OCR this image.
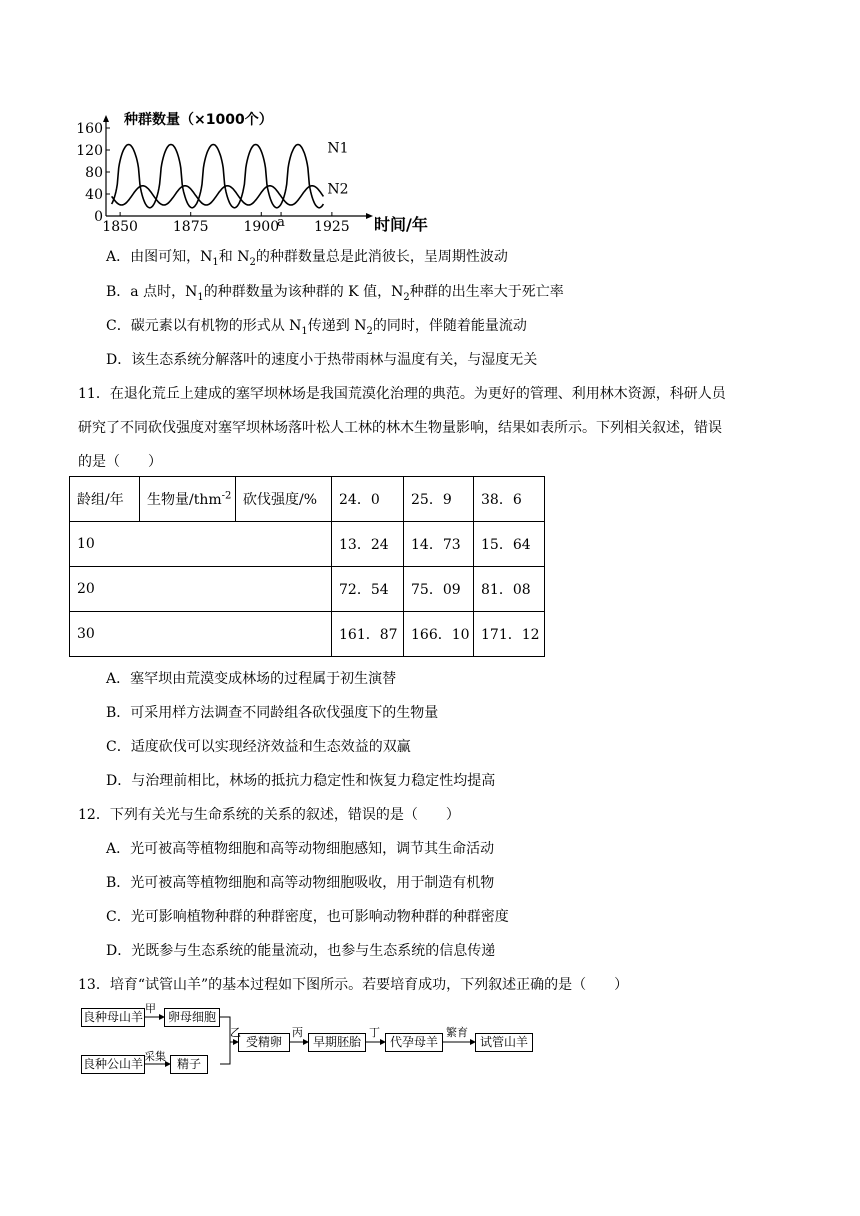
0
40
80
120
160
1850 1875 1900
a 1925 时间/年
种群数量（×1000个）
N1
N2
A．由图可知，$N_1$和 $N_2$的种群数量总是此消彼长，呈周期性波动
B．a 点时，$N_1$的种群数量为该种群的 K 值，$N_2$种群的出生率大于死亡率
C．碳元素以有机物的形式从 $N_1$传递到 $N_2$的同时，伴随着能量流动
D．该生态系统分解落叶的速度小于热带雨林与温度有关，与湿度无关
11．在退化荒丘上建成的塞罕坝林场是我国荒漠化治理的典范。为更好的管理、利用林木资源，科研人员
研究了不同砍伐强度对塞罕坝林场落叶松人工林的林木生物量影响，结果如表所示。下列相关叙述，错误
的是（　　）
龄组/年	生物量/thm$^{-2}$	砍伐强度/%	24．0	25．9	38．6
10			13．24	14．73	15．64
20			72．54	75．09	81．08
30			161．87	166．10	171．12
A．塞罕坝由荒漠变成林场的过程属于初生演替
B．可采用样方法调查不同龄组各砍伐强度下的生物量
C．适度砍伐可以实现经济效益和生态效益的双赢
D．与治理前相比，林场的抵抗力稳定性和恢复力稳定性均提高
12．下列有关光与生命系统的关系的叙述，错误的是（　　）
A．光可被高等植物细胞和高等动物细胞感知，调节其生命活动
B．光可被高等植物细胞和高等动物细胞吸收，用于制造有机物
C．光可影响植物种群的种群密度，也可影响动物种群的种群密度
D．光既参与生态系统的能量流动，也参与生态系统的信息传递
13．培育“试管山羊”的基本过程如下图所示。若要培育成功，下列叙述正确的是（　　）
良种母山羊	卵母细胞
良种公山羊	精子
受精卵	早期胚胎	代孕母羊	试管山羊
甲
采集
乙	丙	丁	繁育
